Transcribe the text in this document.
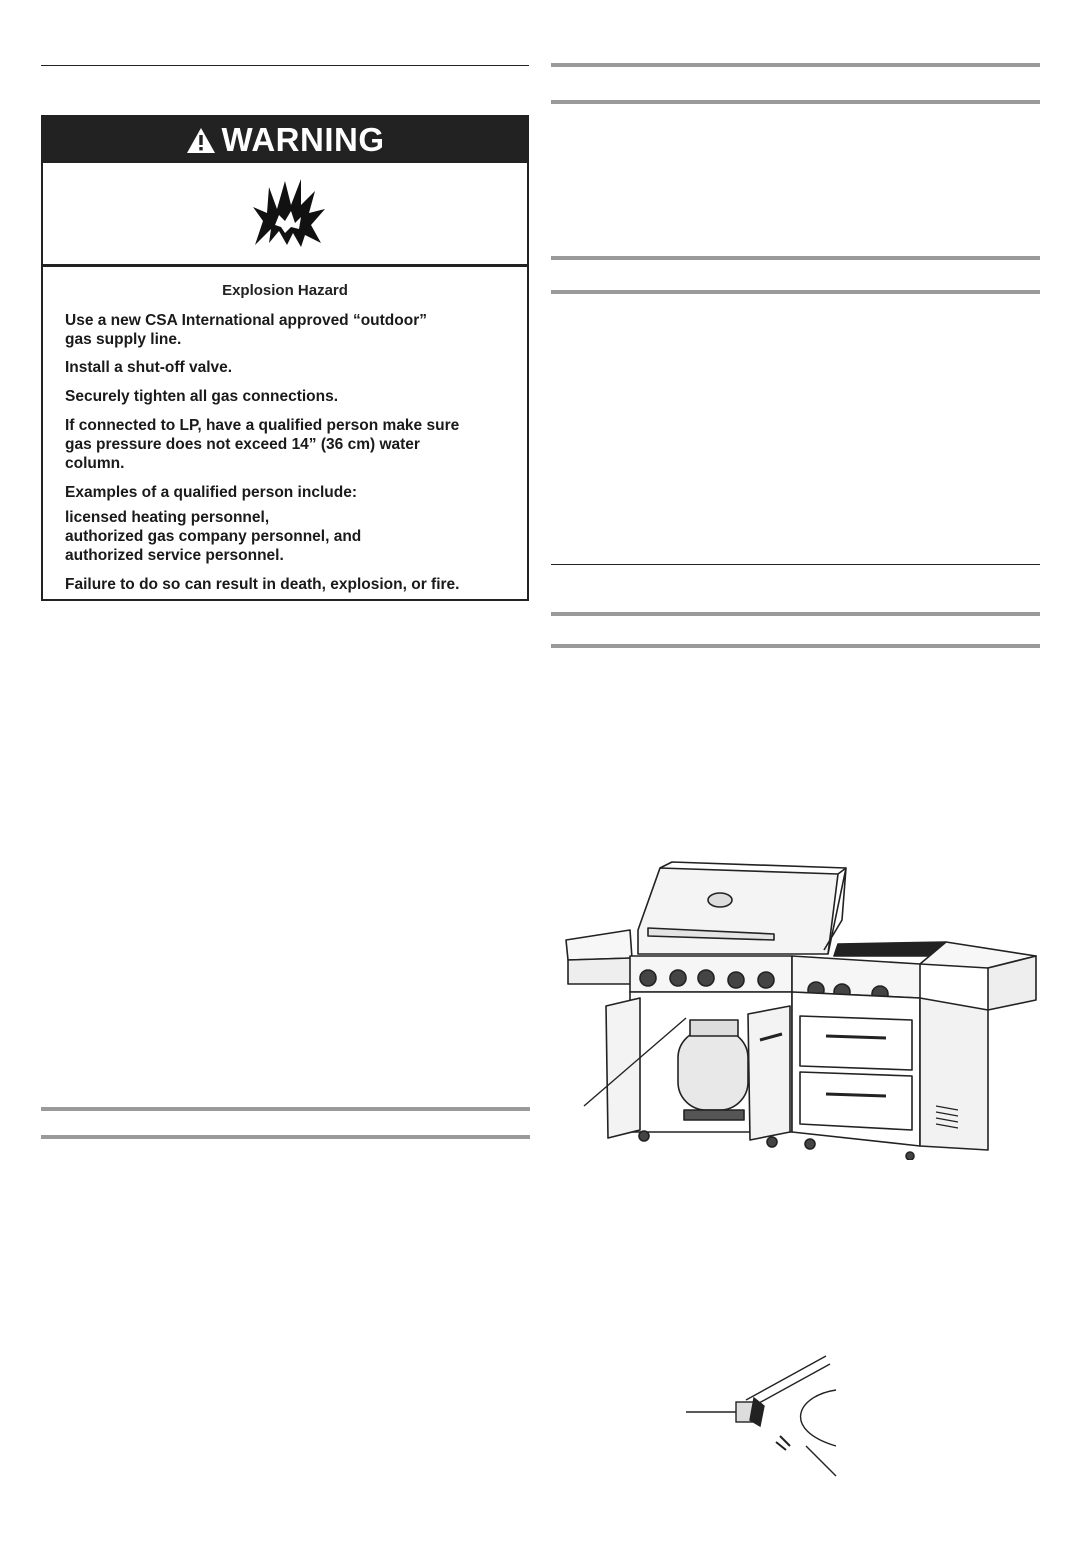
WARNING
Explosion Hazard
Use a new CSA International approved “outdoor”
gas supply line.
Install a shut-off valve.
Securely tighten all gas connections.
If connected to LP, have a qualified person make sure
gas pressure does not exceed 14” (36 cm) water
column.
Examples of a qualified person include:
licensed heating personnel,
authorized gas company personnel, and
authorized service personnel.
Failure to do so can result in death, explosion, or fire.
